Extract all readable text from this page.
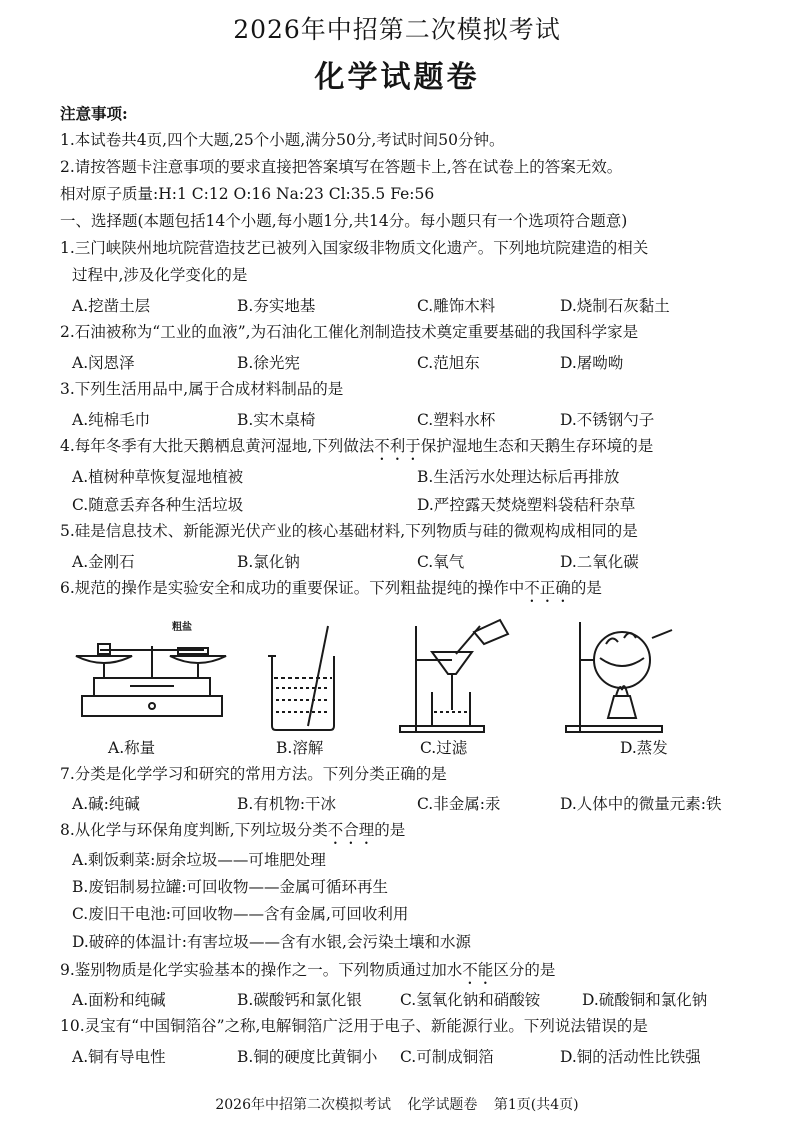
2026年中招第二次模拟考试
化学试题卷
注意事项:
1.本试卷共4页,四个大题,25个小题,满分50分,考试时间50分钟。
2.请按答题卡注意事项的要求直接把答案填写在答题卡上,答在试卷上的答案无效。
相对原子质量:H:1 C:12 O:16 Na:23 Cl:35.5 Fe:56
一、选择题(本题包括14个小题,每小题1分,共14分。每小题只有一个选项符合题意)
1.三门峡陕州地坑院营造技艺已被列入国家级非物质文化遗产。下列地坑院建造的相关
过程中,涉及化学变化的是
A.挖凿土层	B.夯实地基	C.雕饰木料	D.烧制石灰黏土
2.石油被称为“工业的血液”,为石油化工催化剂制造技术奠定重要基础的我国科学家是
A.闵恩泽	B.徐光宪	C.范旭东	D.屠呦呦
3.下列生活用品中,属于合成材料制品的是
A.纯棉毛巾	B.实木桌椅	C.塑料水杯	D.不锈钢勺子
4.每年冬季有大批天鹅栖息黄河湿地,下列做法不利于保护湿地生态和天鹅生存环境的是
A.植树种草恢复湿地植被	B.生活污水处理达标后再排放
C.随意丢弃各种生活垃圾	D.严控露天焚烧塑料袋秸秆杂草
5.硅是信息技术、新能源光伏产业的核心基础材料,下列物质与硅的微观构成相同的是
A.金刚石	B.氯化钠	C.氧气	D.二氧化碳
6.规范的操作是实验安全和成功的重要保证。下列粗盐提纯的操作中不正确的是
粗盐
A.称量	B.溶解	C.过滤	D.蒸发
7.分类是化学学习和研究的常用方法。下列分类正确的是
A.碱:纯碱	B.有机物:干冰	C.非金属:汞	D.人体中的微量元素:铁
8.从化学与环保角度判断,下列垃圾分类不合理的是
A.剩饭剩菜:厨余垃圾——可堆肥处理
B.废铝制易拉罐:可回收物——金属可循环再生
C.废旧干电池:可回收物——含有金属,可回收利用
D.破碎的体温计:有害垃圾——含有水银,会污染土壤和水源
9.鉴别物质是化学实验基本的操作之一。下列物质通过加水不能区分的是
A.面粉和纯碱	B.碳酸钙和氯化银 C.氢氧化钠和硝酸铵	D.硫酸铜和氯化钠
10.灵宝有“中国铜箔谷”之称,电解铜箔广泛用于电子、新能源行业。下列说法错误的是
A.铜有导电性	B.铜的硬度比黄铜小 C.可制成铜箔	D.铜的活动性比铁强
2026年中招第二次模拟考试 化学试题卷 第1页(共4页)
